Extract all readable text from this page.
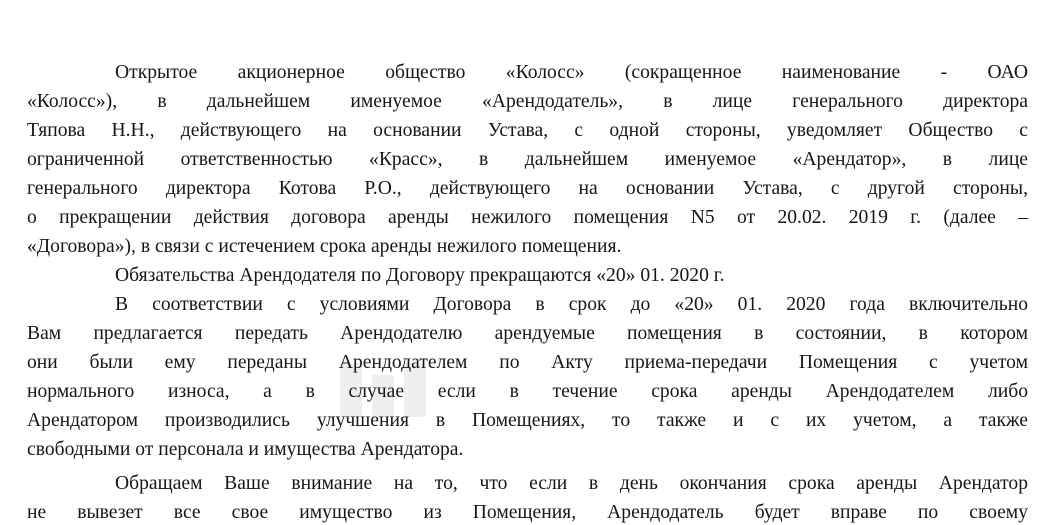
Открытое акционерное общество «Колосс» (сокращенное наименование - ОАО
«Колосс»), в дальнейшем именуемое «Арендодатель», в лице генерального директора
Тяпова Н.Н., действующего на основании Устава, с одной стороны, уведомляет Общество с
ограниченной ответственностью «Красс», в дальнейшем именуемое «Арендатор», в лице
генерального директора Котова Р.О., действующего на основании Устава, с другой стороны,
о прекращении действия договора аренды нежилого помещения N5 от 20.02. 2019 г. (далее –
«Договора»), в связи с истечением срока аренды нежилого помещения.
Обязательства Арендодателя по Договору прекращаются «20» 01. 2020 г.
В соответствии с условиями Договора в срок до «20» 01. 2020 года включительно
Вам предлагается передать Арендодателю арендуемые помещения в состоянии, в котором
они были ему переданы Арендодателем по Акту приема-передачи Помещения с учетом
нормального износа, а в случае если в течение срока аренды Арендодателем либо
Арендатором производились улучшения в Помещениях, то также и с их учетом, а также
свободными от персонала и имущества Арендатора.
Обращаем Ваше внимание на то, что если в день окончания срока аренды Арендатор
не вывезет все свое имущество из Помещения, Арендодатель будет вправе по своему
